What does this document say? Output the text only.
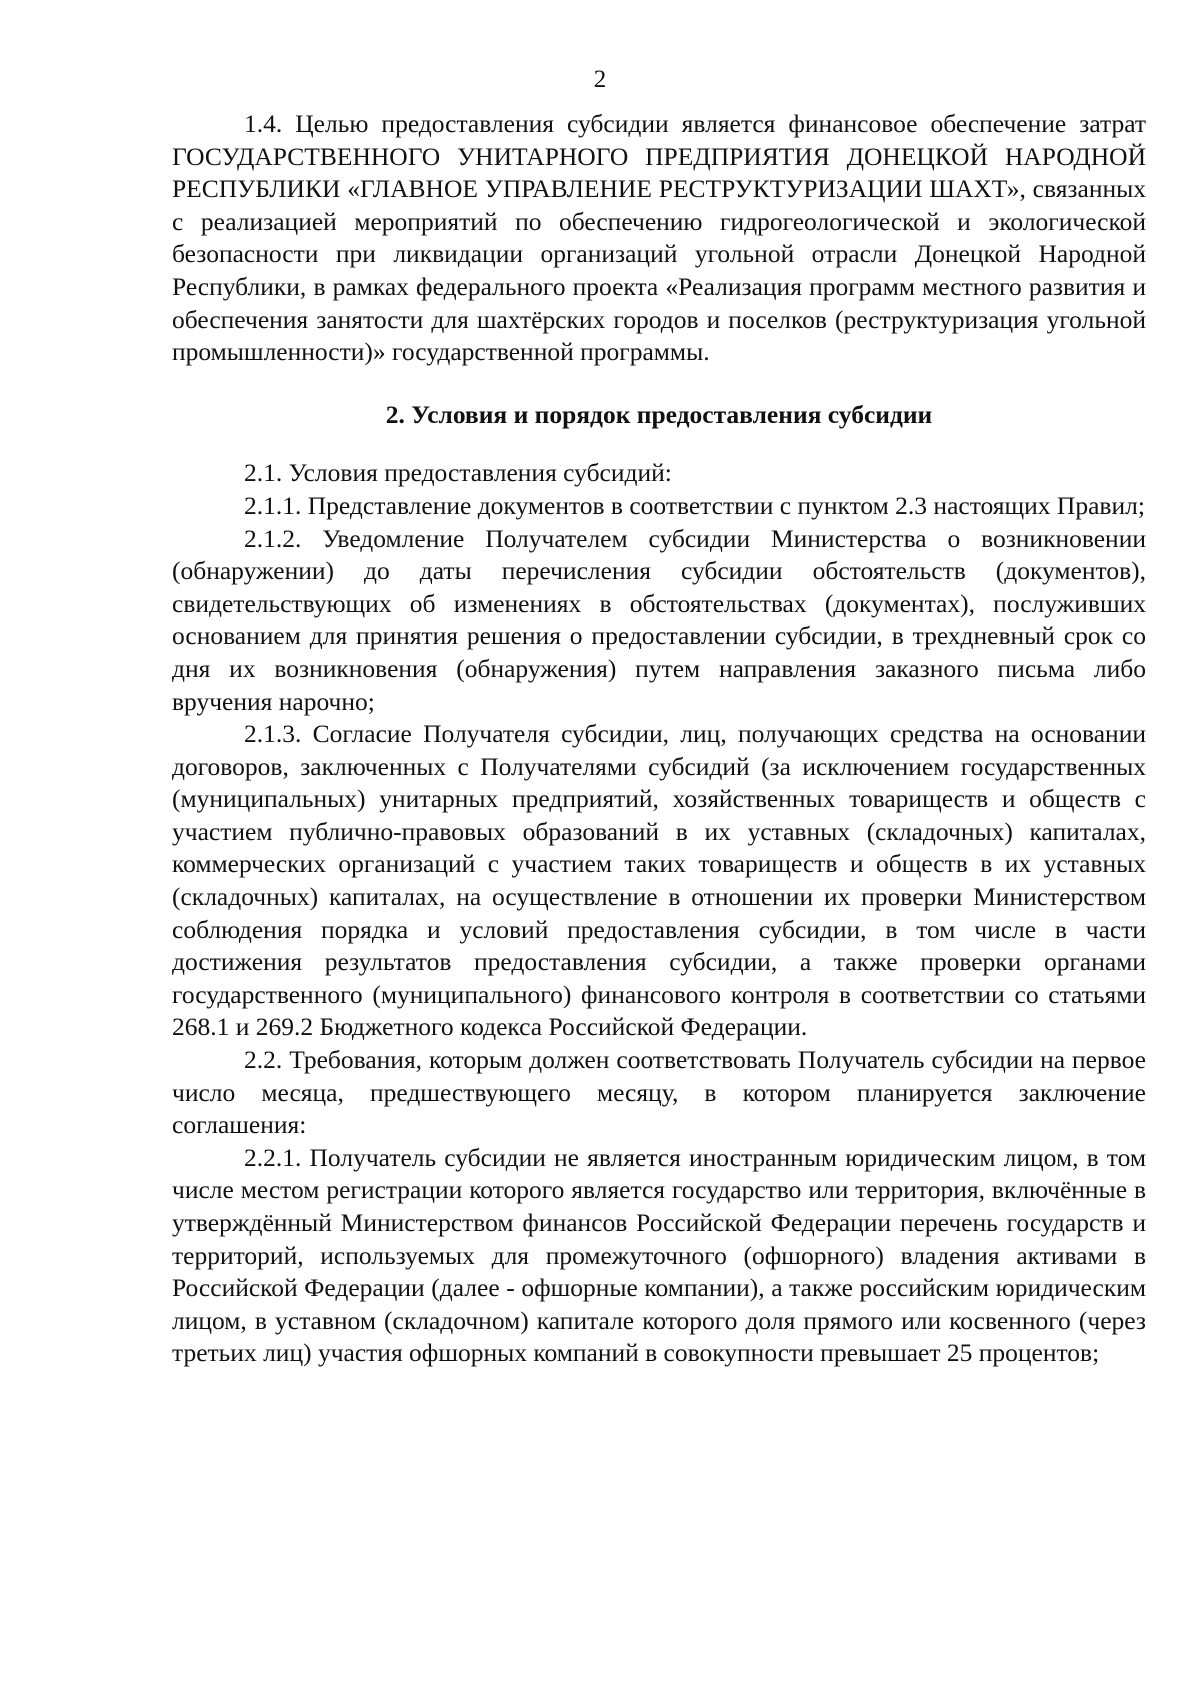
2

1.4. Целью предоставления субсидии является финансовое обеспечение затрат ГОСУДАРСТВЕННОГО УНИТАРНОГО ПРЕДПРИЯТИЯ ДОНЕЦКОЙ НАРОДНОЙ РЕСПУБЛИКИ «ГЛАВНОЕ УПРАВЛЕНИЕ РЕСТРУКТУРИЗАЦИИ ШАХТ», связанных с реализацией мероприятий по обеспечению гидрогеологической и экологической безопасности при ликвидации организаций угольной отрасли Донецкой Народной Республики, в рамках федерального проекта «Реализация программ местного развития и обеспечения занятости для шахтёрских городов и поселков (реструктуризация угольной промышленности)» государственной программы.

2. Условия и порядок предоставления субсидии

2.1. Условия предоставления субсидий:

2.1.1. Представление документов в соответствии с пунктом 2.3 настоящих Правил;

2.1.2. Уведомление Получателем субсидии Министерства о возникновении (обнаружении) до даты перечисления субсидии обстоятельств (документов), свидетельствующих об изменениях в обстоятельствах (документах), послуживших основанием для принятия решения о предоставлении субсидии, в трехдневный срок со дня их возникновения (обнаружения) путем направления заказного письма либо вручения нарочно;

2.1.3. Согласие Получателя субсидии, лиц, получающих средства на основании договоров, заключенных с Получателями субсидий (за исключением государственных (муниципальных) унитарных предприятий, хозяйственных товариществ и обществ с участием публично-правовых образований в их уставных (складочных) капиталах, коммерческих организаций с участием таких товариществ и обществ в их уставных (складочных) капиталах, на осуществление в отношении их проверки Министерством соблюдения порядка и условий предоставления субсидии, в том числе в части достижения результатов предоставления субсидии, а также проверки органами государственного (муниципального) финансового контроля в соответствии со статьями 268.1 и 269.2 Бюджетного кодекса Российской Федерации.

2.2. Требования, которым должен соответствовать Получатель субсидии на первое число месяца, предшествующего месяцу, в котором планируется заключение соглашения:

2.2.1. Получатель субсидии не является иностранным юридическим лицом, в том числе местом регистрации которого является государство или территория, включённые в утверждённый Министерством финансов Российской Федерации перечень государств и территорий, используемых для промежуточного (офшорного) владения активами в Российской Федерации (далее - офшорные компании), а также российским юридическим лицом, в уставном (складочном) капитале которого доля прямого или косвенного (через третьих лиц) участия офшорных компаний в совокупности превышает 25 процентов;
